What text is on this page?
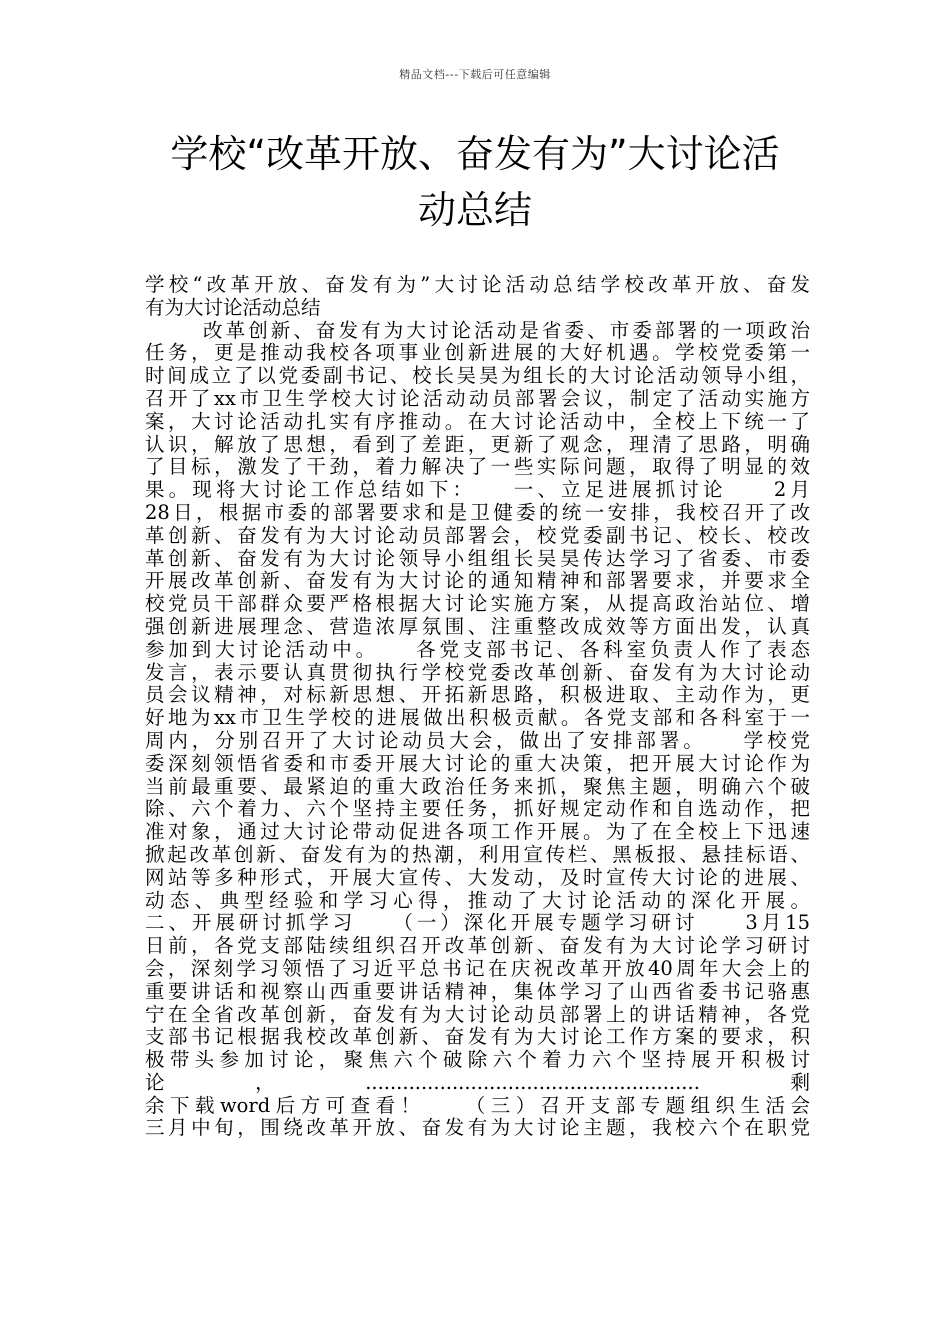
精品文档---下载后可任意编辑
学校“改革开放、奋发有为”大讨论活
动总结
学校“改革开放、奋发有为”大讨论活动总结学校改革开放、奋发
有为大讨论活动总结
改革创新、奋发有为大讨论活动是省委、市委部署的一项政治
任务，更是推动我校各项事业创新进展的大好机遇。学校党委第一
时间成立了以党委副书记、校长吴昊为组长的大讨论活动领导小组，
召开了xx市卫生学校大讨论活动动员部署会议，制定了活动实施方
案，大讨论活动扎实有序推动。在大讨论活动中，全校上下统一了
认识，解放了思想，看到了差距，更新了观念，理清了思路，明确
了目标，激发了干劲，着力解决了一些实际问题，取得了明显的效
果。现将大讨论工作总结如下：　　一、立足进展抓讨论　　2月
28日，根据市委的部署要求和是卫健委的统一安排，我校召开了改
革创新、奋发有为大讨论动员部署会，校党委副书记、校长、校改
革创新、奋发有为大讨论领导小组组长吴昊传达学习了省委、市委
开展改革创新、奋发有为大讨论的通知精神和部署要求，并要求全
校党员干部群众要严格根据大讨论实施方案，从提高政治站位、增
强创新进展理念、营造浓厚氛围、注重整改成效等方面出发，认真
参加到大讨论活动中。　　各党支部书记、各科室负责人作了表态
发言，表示要认真贯彻执行学校党委改革创新、奋发有为大讨论动
员会议精神，对标新思想、开拓新思路，积极进取、主动作为，更
好地为xx市卫生学校的进展做出积极贡献。各党支部和各科室于一
周内，分别召开了大讨论动员大会，做出了安排部署。　　学校党
委深刻领悟省委和市委开展大讨论的重大决策，把开展大讨论作为
当前最重要、最紧迫的重大政治任务来抓，聚焦主题，明确六个破
除、六个着力、六个坚持主要任务，抓好规定动作和自选动作，把
准对象，通过大讨论带动促进各项工作开展。为了在全校上下迅速
掀起改革创新、奋发有为的热潮，利用宣传栏、黑板报、悬挂标语、
网站等多种形式，开展大宣传、大发动，及时宣传大讨论的进展、
动态、典型经验和学习心得，推动了大讨论活动的深化开展。
二、开展研讨抓学习　　（一）深化开展专题学习研讨　　3月15
日前，各党支部陆续组织召开改革创新、奋发有为大讨论学习研讨
会，深刻学习领悟了习近平总书记在庆祝改革开放40周年大会上的
重要讲话和视察山西重要讲话精神，集体学习了山西省委书记骆惠
宁在全省改革创新，奋发有为大讨论动员部署上的讲话精神，各党
支部书记根据我校改革创新、奋发有为大讨论工作方案的要求，积
极带头参加讨论，聚焦六个破除六个着力六个坚持展开积极讨
论，......................................................剩
余下载word后方可查看！　　（三）召开支部专题组织生活会
三月中旬，围绕改革开放、奋发有为大讨论主题，我校六个在职党
